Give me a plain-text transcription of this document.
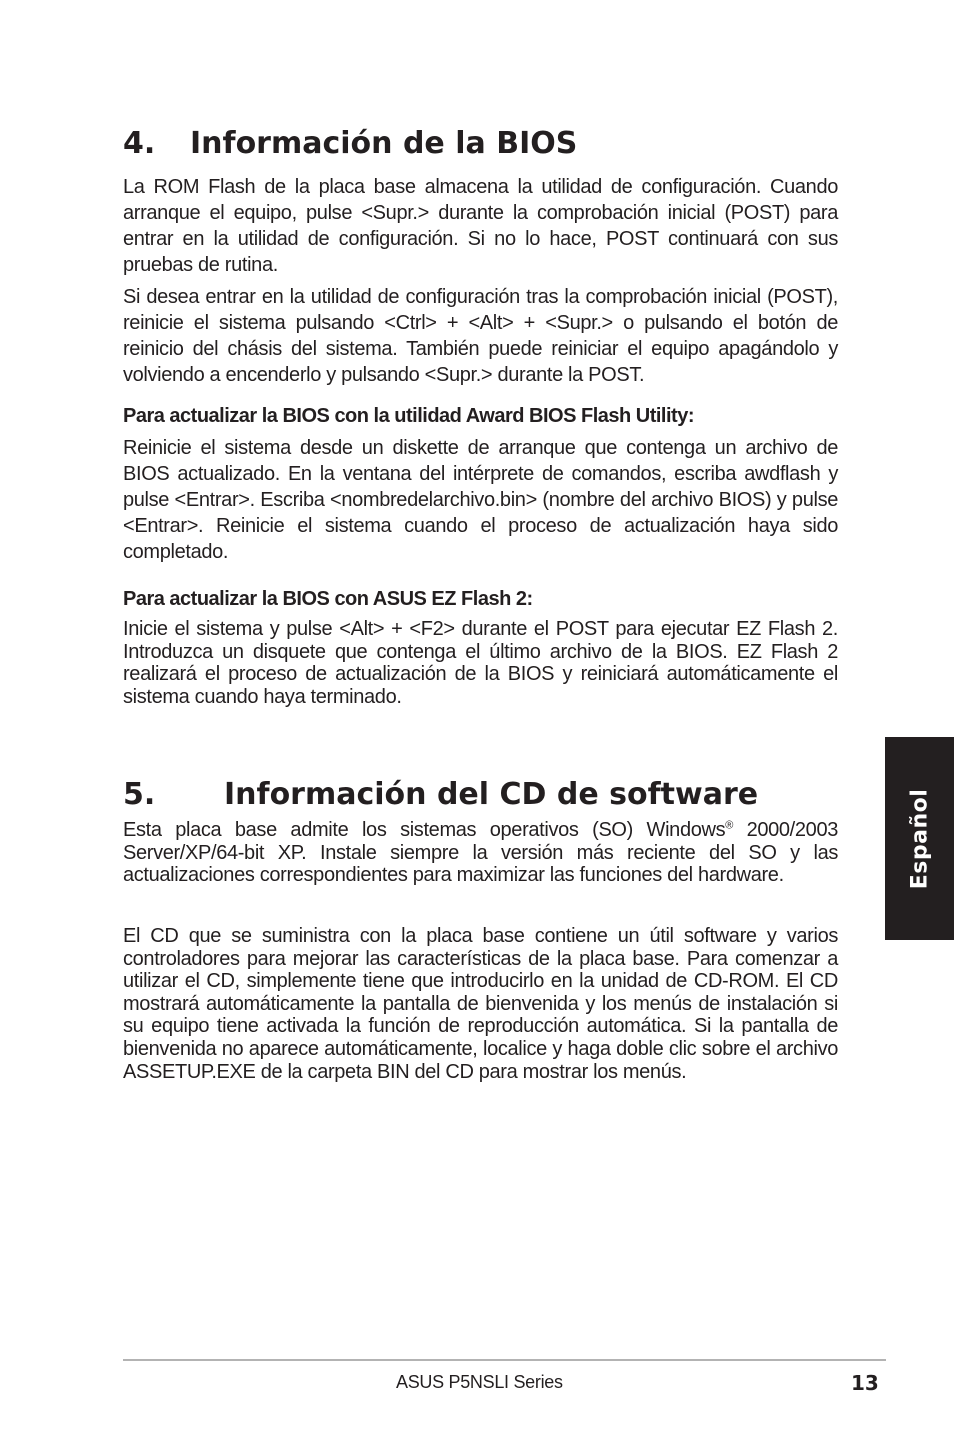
4. Información de la BIOS

La ROM Flash de la placa base almacena la utilidad de configuración. Cuando arranque el equipo, pulse <Supr.> durante la comprobación inicial (POST) para entrar en la utilidad de configuración. Si no lo hace, POST continuará con sus pruebas de rutina.

Si desea entrar en la utilidad de configuración tras la comprobación inicial (POST), reinicie el sistema pulsando <Ctrl> + <Alt> + <Supr.> o pulsando el botón de reinicio del chásis del sistema. También puede reiniciar el equipo apagándolo y volviendo a encenderlo y pulsando <Supr.> durante la POST.

Para actualizar la BIOS con la utilidad Award BIOS Flash Utility:

Reinicie el sistema desde un diskette de arranque que contenga un archivo de BIOS actualizado. En la ventana del intérprete de comandos, escriba awdflash y pulse <Entrar>. Escriba <nombredelarchivo.bin> (nombre del archivo BIOS) y pulse <Entrar>. Reinicie el sistema cuando el proceso de actualización haya sido completado.

Para actualizar la BIOS con ASUS EZ Flash 2:

Inicie el sistema y pulse <Alt> + <F2> durante el POST para ejecutar EZ Flash 2. Introduzca un disquete que contenga el último archivo de la BIOS. EZ Flash 2 realizará el proceso de actualización de la BIOS y reiniciará automáticamente el sistema cuando haya terminado.

5. Información del CD de software

Esta placa base admite los sistemas operativos (SO) Windows® 2000/2003 Server/XP/64-bit XP. Instale siempre la versión más reciente del SO y las actualizaciones correspondientes para maximizar las funciones del hardware.

El CD que se suministra con la placa base contiene un útil software y varios controladores para mejorar las características de la placa base. Para comenzar a utilizar el CD, simplemente tiene que introducirlo en la unidad de CD-ROM. El CD mostrará automáticamente la pantalla de bienvenida y los menús de instalación si su equipo tiene activada la función de reproducción automática. Si la pantalla de bienvenida no aparece automáticamente, localice y haga doble clic sobre el archivo ASSETUP.EXE de la carpeta BIN del CD para mostrar los menús.

Español
ASUS P5NSLI Series	13
